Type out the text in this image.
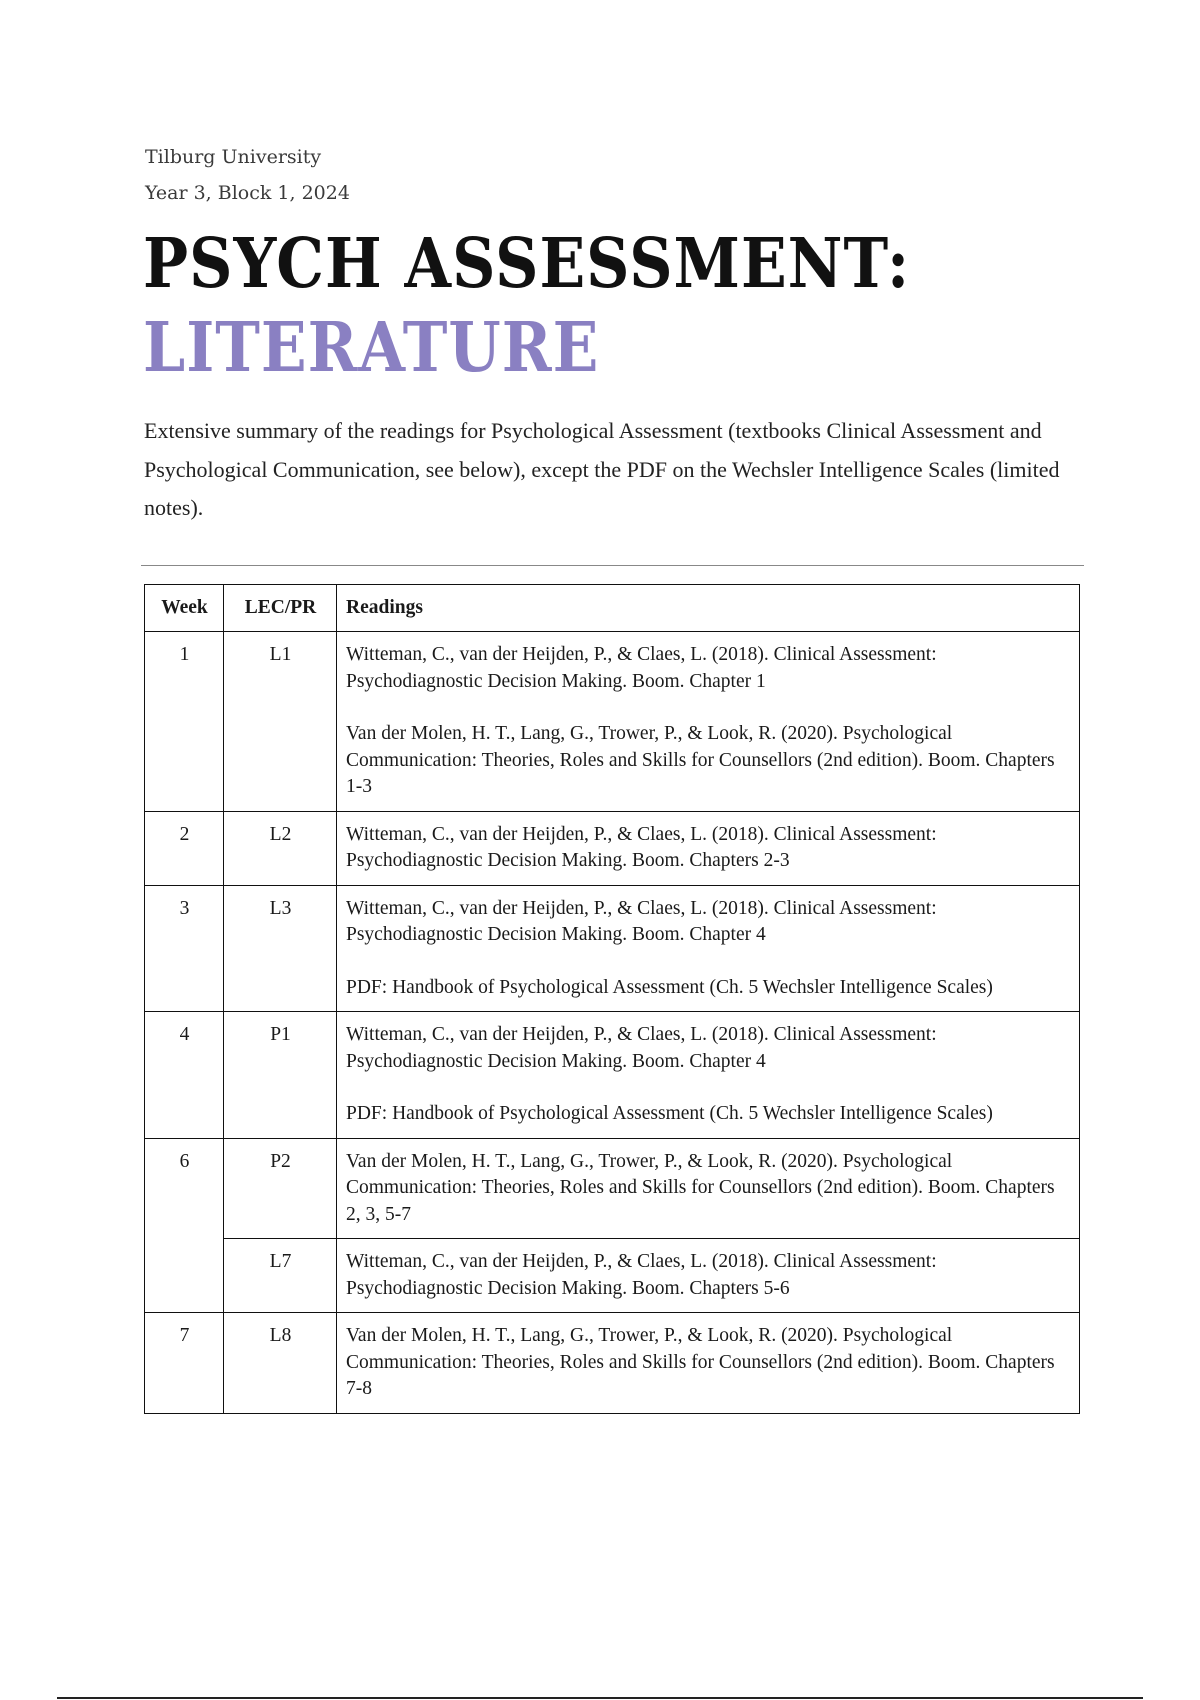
Tilburg University
Year 3, Block 1, 2024
PSYCH ASSESSMENT:
LITERATURE

Extensive summary of the readings for Psychological Assessment (textbooks Clinical Assessment and Psychological Communication, see below), except the PDF on the Wechsler Intelligence Scales (limited notes).

Week	LEC/PR	Readings
1	L1	Witteman, C., van der Heijden, P., & Claes, L. (2018). Clinical Assessment: Psychodiagnostic Decision Making. Boom. Chapter 1
Van der Molen, H. T., Lang, G., Trower, P., & Look, R. (2020). Psychological Communication: Theories, Roles and Skills for Counsellors (2nd edition). Boom. Chapters 1-3

2	L2	Witteman, C., van der Heijden, P., & Claes, L. (2018). Clinical Assessment: Psychodiagnostic Decision Making. Boom. Chapters 2-3

3	L3	Witteman, C., van der Heijden, P., & Claes, L. (2018). Clinical Assessment: Psychodiagnostic Decision Making. Boom. Chapter 4
PDF: Handbook of Psychological Assessment (Ch. 5 Wechsler Intelligence Scales)

4	P1	Witteman, C., van der Heijden, P., & Claes, L. (2018). Clinical Assessment: Psychodiagnostic Decision Making. Boom. Chapter 4
PDF: Handbook of Psychological Assessment (Ch. 5 Wechsler Intelligence Scales)

6	P2	Van der Molen, H. T., Lang, G., Trower, P., & Look, R. (2020). Psychological Communication: Theories, Roles and Skills for Counsellors (2nd edition). Boom. Chapters 2, 3, 5-7

	L7	Witteman, C., van der Heijden, P., & Claes, L. (2018). Clinical Assessment: Psychodiagnostic Decision Making. Boom. Chapters 5-6

7	L8	Van der Molen, H. T., Lang, G., Trower, P., & Look, R. (2020). Psychological Communication: Theories, Roles and Skills for Counsellors (2nd edition). Boom. Chapters 7-8
